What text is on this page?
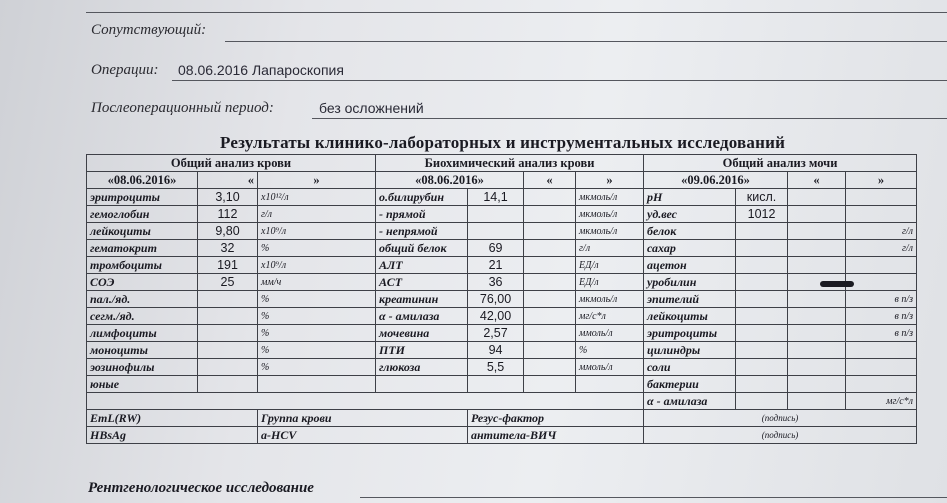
Сопутствующий:
Операции: 08.06.2016 Лапароскопия
Послеоперационный период:	без осложнений
Результаты клинико-лабораторных и инструментальных исследований
Общий анализ крови			Биохимический анализ крови				Общий анализ мочи			
«08.06.2016»	«	»	«08.06.2016»		«	»	«09.06.2016»		«	»
эритроциты	3,10	x10¹²/л	о.билирубин	14,1		мкмоль/л	pH	кисл.		
гемоглобин	112	г/л	- прямой			мкмоль/л	уд.вес	1012		
лейкоциты	9,80	x10⁹/л	- непрямой			мкмоль/л	белок			г/л
гематокрит	32	%	общий белок	69		г/л	сахар			г/л
тромбоциты	191	x10⁹/л	АЛТ	21		ЕД/л	ацетон			
СОЭ	25	мм/ч	АСТ	36		ЕД/л	уробилин			
пал./яд.		%	креатинин	76,00		мкмоль/л	эпителий			в п/з
сегм./яд.		%	α - амилаза	42,00		мг/с*л	лейкоциты			в п/з
лимфоциты		%	мочевина	2,57		ммоль/л	эритроциты			в п/з
моноциты		%	ПТИ	94		%	цилиндры			
эозинофилы		%	глюкоза	5,5		ммоль/л	соли			
юные							бактерии			
							α - амилаза			мг/с*л
EmL(RW)		Группа крови		Резус-фактор			(подпись)			
HBsAg		a-HCV		антитела-ВИЧ			(подпись)			
Рентгенологическое исследование
